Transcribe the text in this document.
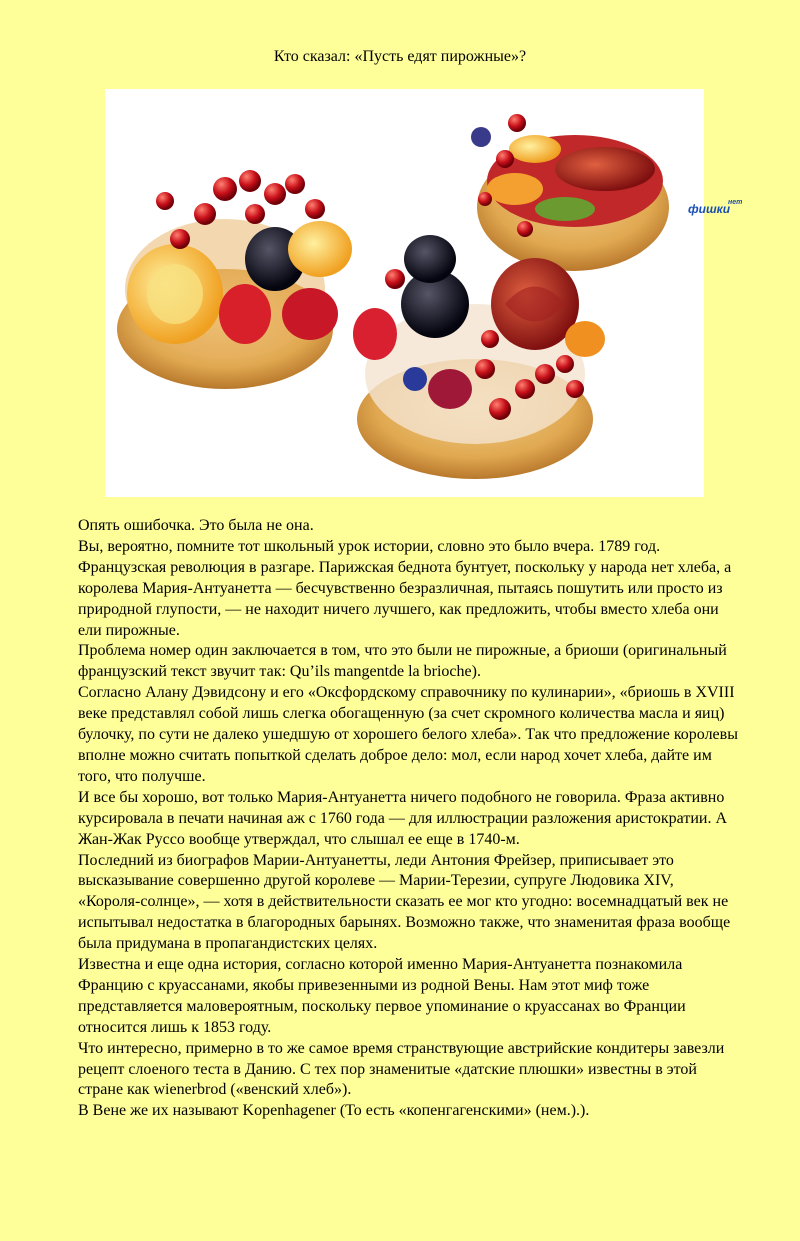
Кто сказал: «Пусть едят пирожные»?
фишки
нет

Опять ошибочка. Это была не она.

Вы, вероятно, помните тот школьный урок истории, словно это было вчера. 1789 год. Французская революция в разгаре. Парижская беднота бунтует, поскольку у народа нет хлеба, а королева Мария-Антуанетта — бесчувственно безразличная, пытаясь пошутить или просто из природной глупости, — не находит ничего лучшего, как предложить, чтобы вместо хлеба они ели пирожные.

Проблема номер один заключается в том, что это были не пирожные, а бриоши (оригинальный французский текст звучит так: Qu’ils mangentde la brioche).

Согласно Алану Дэвидсону и его «Оксфордскому справочнику по кулинарии», «бриошь в XVIII веке представлял собой лишь слегка обогащенную (за счет скромного количества масла и яиц) булочку, по сути не далеко ушедшую от хорошего белого хлеба». Так что предложение королевы вполне можно считать попыткой сделать доброе дело: мол, если народ хочет хлеба, дайте им того, что получше.

И все бы хорошо, вот только Мария-Антуанетта ничего подобного не говорила. Фраза активно курсировала в печати начиная аж с 1760 года — для иллюстрации разложения аристократии. А Жан-Жак Руссо вообще утверждал, что слышал ее еще в 1740-м.

Последний из биографов Марии-Антуанетты, леди Антония Фрейзер, приписывает это высказывание совершенно другой королеве — Марии-Терезии, супруге Людовика XIV, «Короля-солнце», — хотя в действительности сказать ее мог кто угодно: восемнадцатый век не испытывал недостатка в благородных барынях. Возможно также, что знаменитая фраза вообще была придумана в пропагандистских целях.

Известна и еще одна история, согласно которой именно Мария-Антуанетта познакомила Францию с круассанами, якобы привезенными из родной Вены. Нам этот миф тоже представляется маловероятным, поскольку первое упоминание о круассанах во Франции относится лишь к 1853 году.

Что интересно, примерно в то же самое время странствующие австрийские кондитеры завезли рецепт слоеного теста в Данию. С тех пор знаменитые «датские плюшки» известны в этой стране как wienerbrod («венский хлеб»).

В Вене же их называют Kopenhagener (То есть «копенгагенскими» (нем.).).
